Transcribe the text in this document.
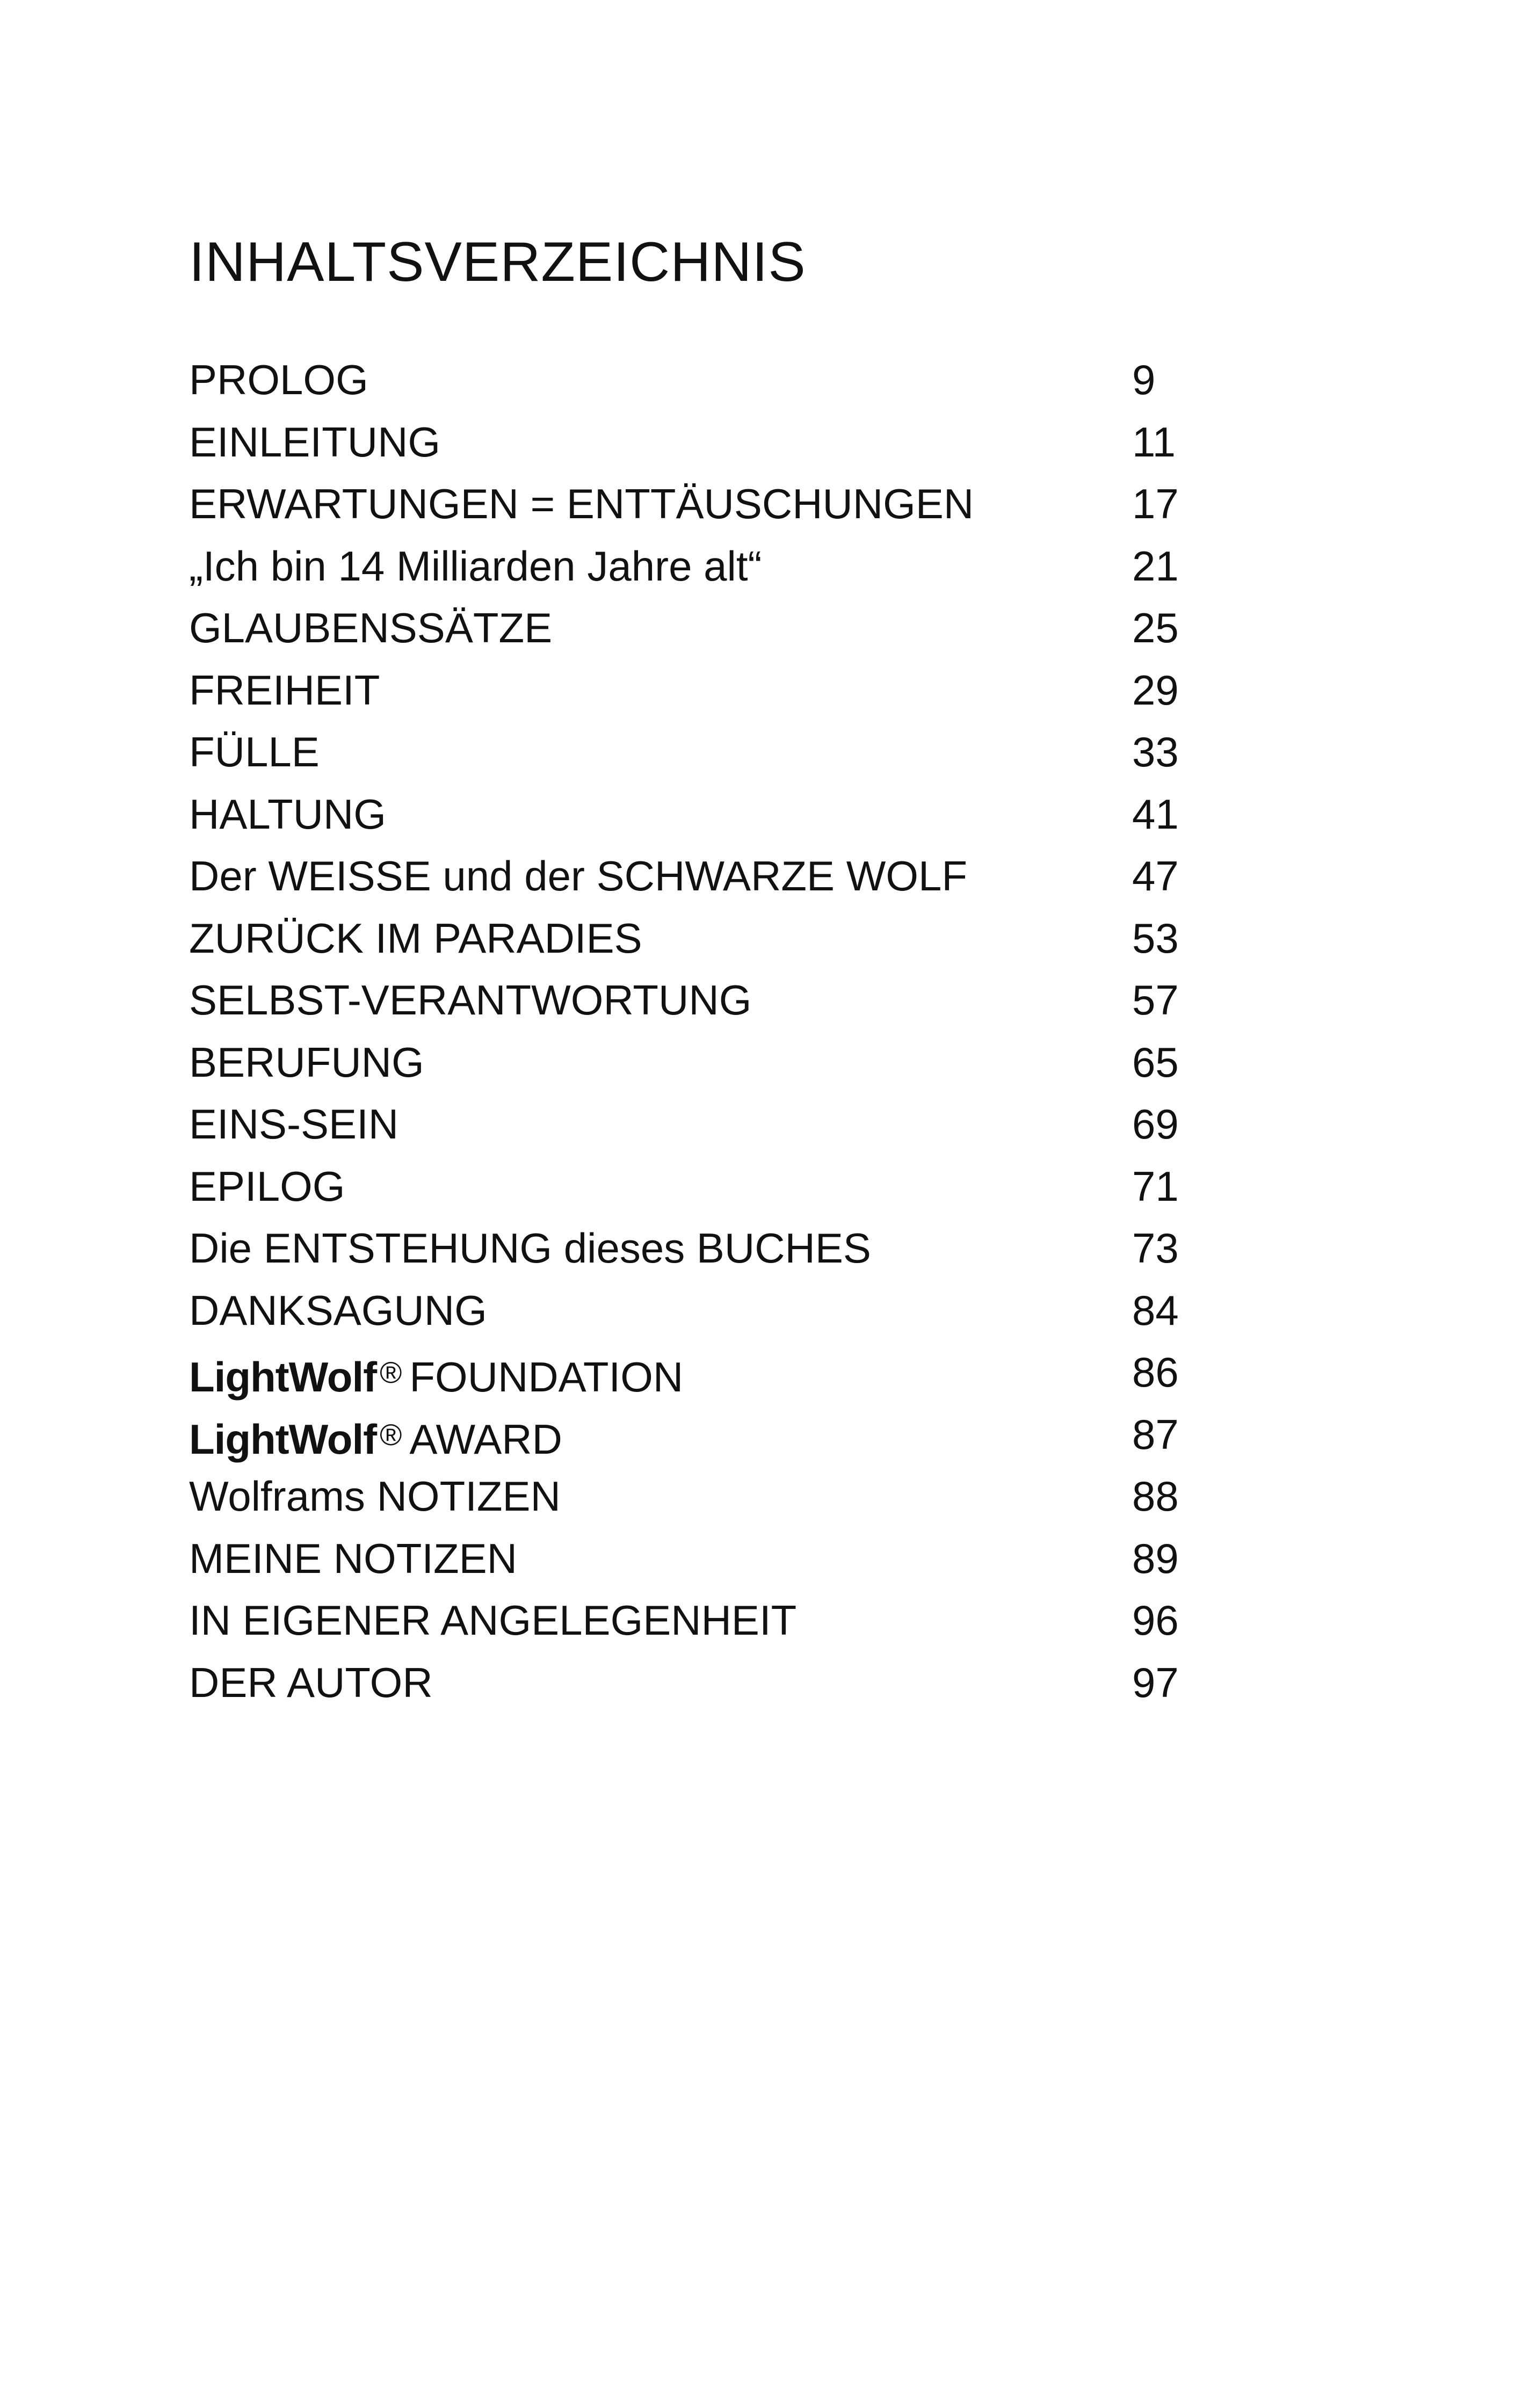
INHALTSVERZEICHNIS
PROLOG	9
EINLEITUNG	11
ERWARTUNGEN = ENTTÄUSCHUNGEN	17
„Ich bin 14 Milliarden Jahre alt“	21
GLAUBENSSÄTZE	25
FREIHEIT	29
FÜLLE	33
HALTUNG	41
Der WEISSE und der SCHWARZE WOLF	47
ZURÜCK IM PARADIES	53
SELBST-VERANTWORTUNG	57
BERUFUNG	65
EINS-SEIN	69
EPILOG	71
Die ENTSTEHUNG dieses BUCHES	73
DANKSAGUNG	84
LightWolf ® FOUNDATION	86
LightWolf ® AWARD	87
Wolframs NOTIZEN	88
MEINE NOTIZEN	89
IN EIGENER ANGELEGENHEIT	96
DER AUTOR	97
